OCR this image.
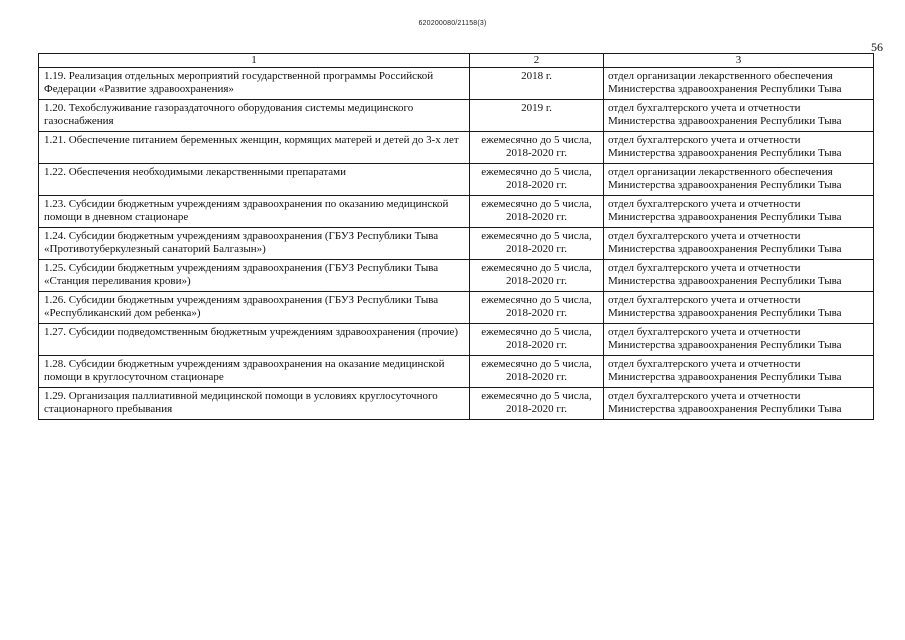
620200080/21158(3)
56
1	2	3
1.19. Реализация отдельных мероприятий государственной программы Российской Федерации «Развитие здравоохранения»	2018 г.	отдел организации лекарственного обеспечения Министерства здравоохранения Республики Тыва
1.20. Техобслуживание газораздаточного оборудования системы медицинского газоснабжения	2019 г.	отдел бухгалтерского учета и отчетности Министерства здравоохранения Республики Тыва
1.21. Обеспечение питанием беременных женщин, кормящих матерей и детей до 3-х лет	ежемесячно до 5 числа, 2018-2020 гг.	отдел бухгалтерского учета и отчетности Министерства здравоохранения Республики Тыва
1.22. Обеспечения необходимыми лекарственными препаратами	ежемесячно до 5 числа, 2018-2020 гг.	отдел организации лекарственного обеспечения Министерства здравоохранения Республики Тыва
1.23. Субсидии бюджетным учреждениям здравоохранения по оказанию медицинской помощи в дневном стационаре	ежемесячно до 5 числа, 2018-2020 гг.	отдел бухгалтерского учета и отчетности Министерства здравоохранения Республики Тыва
1.24. Субсидии бюджетным учреждениям здравоохранения (ГБУЗ Республики Тыва «Противотуберкулезный санаторий Балгазын»)	ежемесячно до 5 числа, 2018-2020 гг.	отдел бухгалтерского учета и отчетности Министерства здравоохранения Республики Тыва
1.25. Субсидии бюджетным учреждениям здравоохранения (ГБУЗ Республики Тыва «Станция переливания крови»)	ежемесячно до 5 числа, 2018-2020 гг.	отдел бухгалтерского учета и отчетности Министерства здравоохранения Республики Тыва
1.26. Субсидии бюджетным учреждениям здравоохранения (ГБУЗ Республики Тыва «Республиканский дом ребенка»)	ежемесячно до 5 числа, 2018-2020 гг.	отдел бухгалтерского учета и отчетности Министерства здравоохранения Республики Тыва
1.27. Субсидии подведомственным бюджетным учреждениям здравоохранения (прочие)	ежемесячно до 5 числа, 2018-2020 гг.	отдел бухгалтерского учета и отчетности Министерства здравоохранения Республики Тыва
1.28. Субсидии бюджетным учреждениям здравоохранения на оказание медицинской помощи в круглосуточном стационаре	ежемесячно до 5 числа, 2018-2020 гг.	отдел бухгалтерского учета и отчетности Министерства здравоохранения Республики Тыва
1.29. Организация паллиативной медицинской помощи в условиях круглосуточного стационарного пребывания	ежемесячно до 5 числа, 2018-2020 гг.	отдел бухгалтерского учета и отчетности Министерства здравоохранения Республики Тыва
